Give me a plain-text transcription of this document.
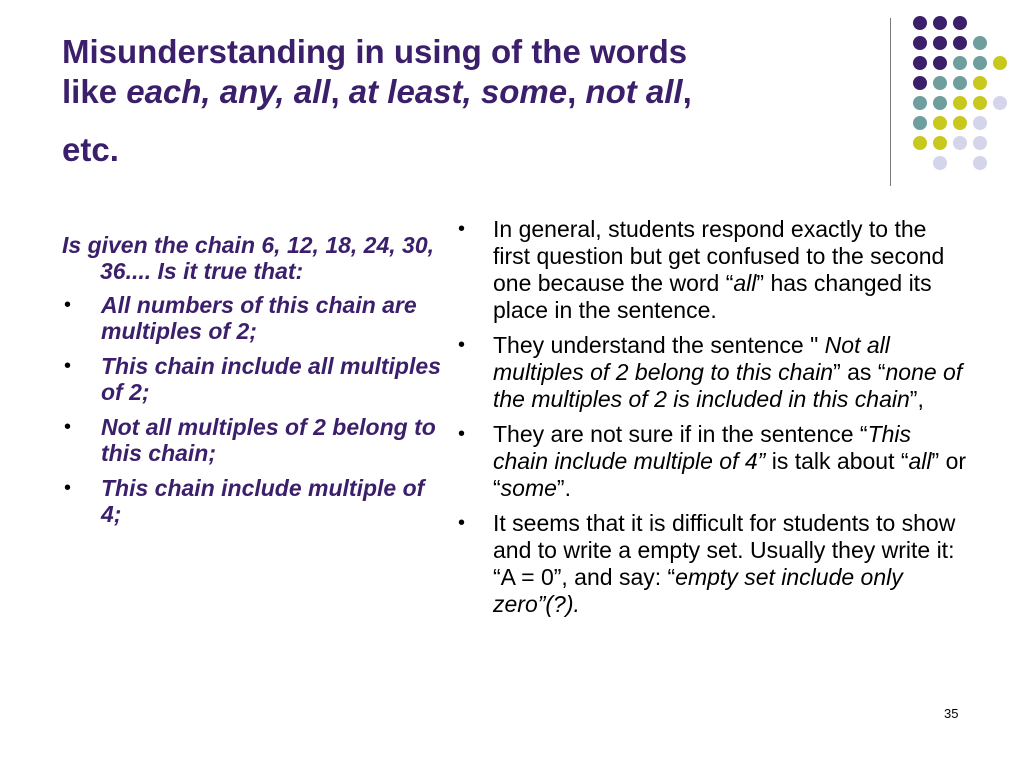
Misunderstanding in using of the words
like each, any, all, at least, some, not all,
etc.

Is given the chain 6, 12, 18, 24, 30, 36.... Is it true that:

• All numbers of this chain are multiples of 2;
• This chain include all multiples of 2;
• Not all multiples of 2 belong to this chain;
• This chain include multiple of 4;
• In general, students respond exactly to the first question but get confused to the second one because the word “all” has changed its place in the sentence.
• They understand the sentence " Not all multiples of 2 belong to this chain” as “none of the multiples of 2 is included in this chain”,
• They are not sure if in the sentence “This chain include multiple of 4” is talk about “all” or “some”.
• It seems that it is difficult for students to show and to write a empty set. Usually they write it: “A = 0”, and say: “empty set include only zero”(?).
35
